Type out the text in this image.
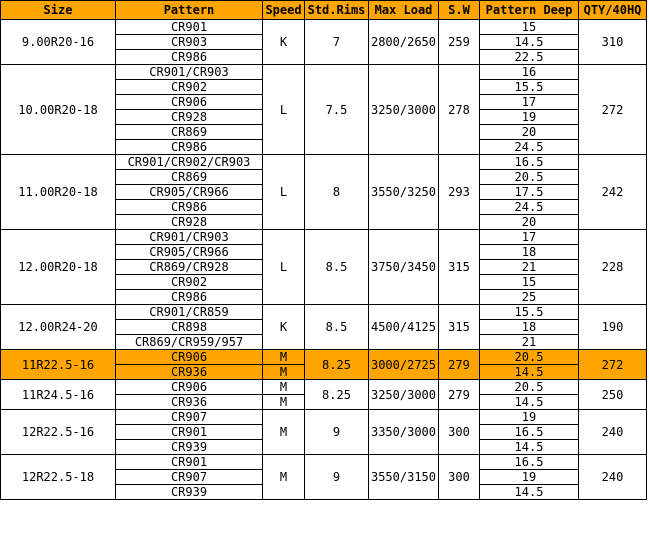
Size	Pattern	Speed	Std.Rims	Max Load	S.W	Pattern Deep	QTY/40HQ
9.00R20-16	CR901	K	7	2800/2650	259	15	310
	CR903					14.5	
	CR986					22.5	
10.00R20-18	CR901/CR903	L	7.5	3250/3000	278	16	272
	CR902					15.5	
	CR906					17	
	CR928					19	
	CR869					20	
	CR986					24.5	
11.00R20-18	CR901/CR902/CR903	L	8	3550/3250	293	16.5	242
	CR869					20.5	
	CR905/CR966					17.5	
	CR986					24.5	
	CR928					20	
12.00R20-18	CR901/CR903	L	8.5	3750/3450	315	17	228
	CR905/CR966					18	
	CR869/CR928					21	
	CR902					15	
	CR986					25	
12.00R24-20	CR901/CR859	K	8.5	4500/4125	315	15.5	190
	CR898					18	
	CR869/CR959/957					21	
11R22.5-16	CR906	M	8.25	3000/2725	279	20.5	272
	CR936	M				14.5	
11R24.5-16	CR906	M	8.25	3250/3000	279	20.5	250
	CR936	M				14.5	
12R22.5-16	CR907	M	9	3350/3000	300	19	240
	CR901					16.5	
	CR939					14.5	
12R22.5-18	CR901	M	9	3550/3150	300	16.5	240
	CR907					19	
	CR939					14.5	
